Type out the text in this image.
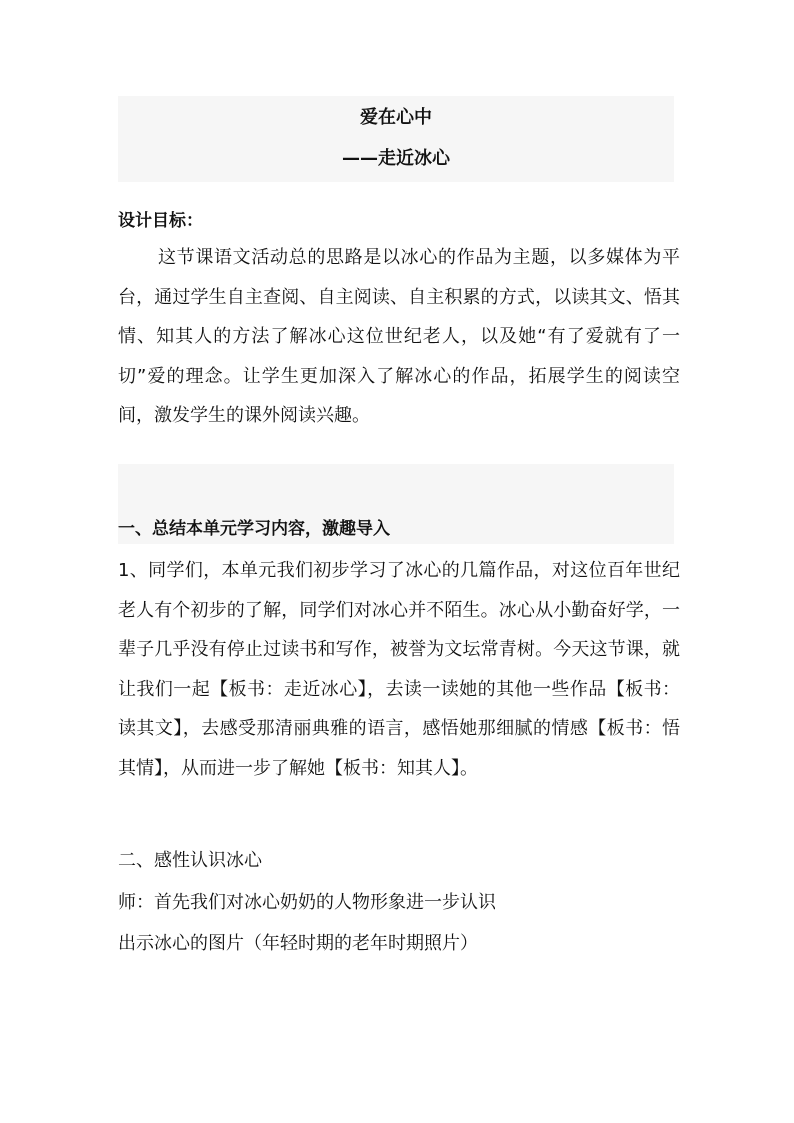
爱在心中
——走近冰心
设计目标：

这节课语文活动总的思路是以冰心的作品为主题，以多媒体为平台，通过学生自主查阅、自主阅读、自主积累的方式，以读其文、悟其情、知其人的方法了解冰心这位世纪老人，以及她“有了爱就有了一切”爱的理念。让学生更加深入了解冰心的作品，拓展学生的阅读空间，激发学生的课外阅读兴趣。

一、总结本单元学习内容，激趣导入

1、同学们，本单元我们初步学习了冰心的几篇作品，对这位百年世纪老人有个初步的了解，同学们对冰心并不陌生。冰心从小勤奋好学，一辈子几乎没有停止过读书和写作，被誉为文坛常青树。今天这节课，就让我们一起【板书：走近冰心】，去读一读她的其他一些作品【板书：读其文】，去感受那清丽典雅的语言，感悟她那细腻的情感【板书：悟其情】，从而进一步了解她【板书：知其人】。

二、感性认识冰心

师：首先我们对冰心奶奶的人物形象进一步认识

出示冰心的图片（年轻时期的老年时期照片）
